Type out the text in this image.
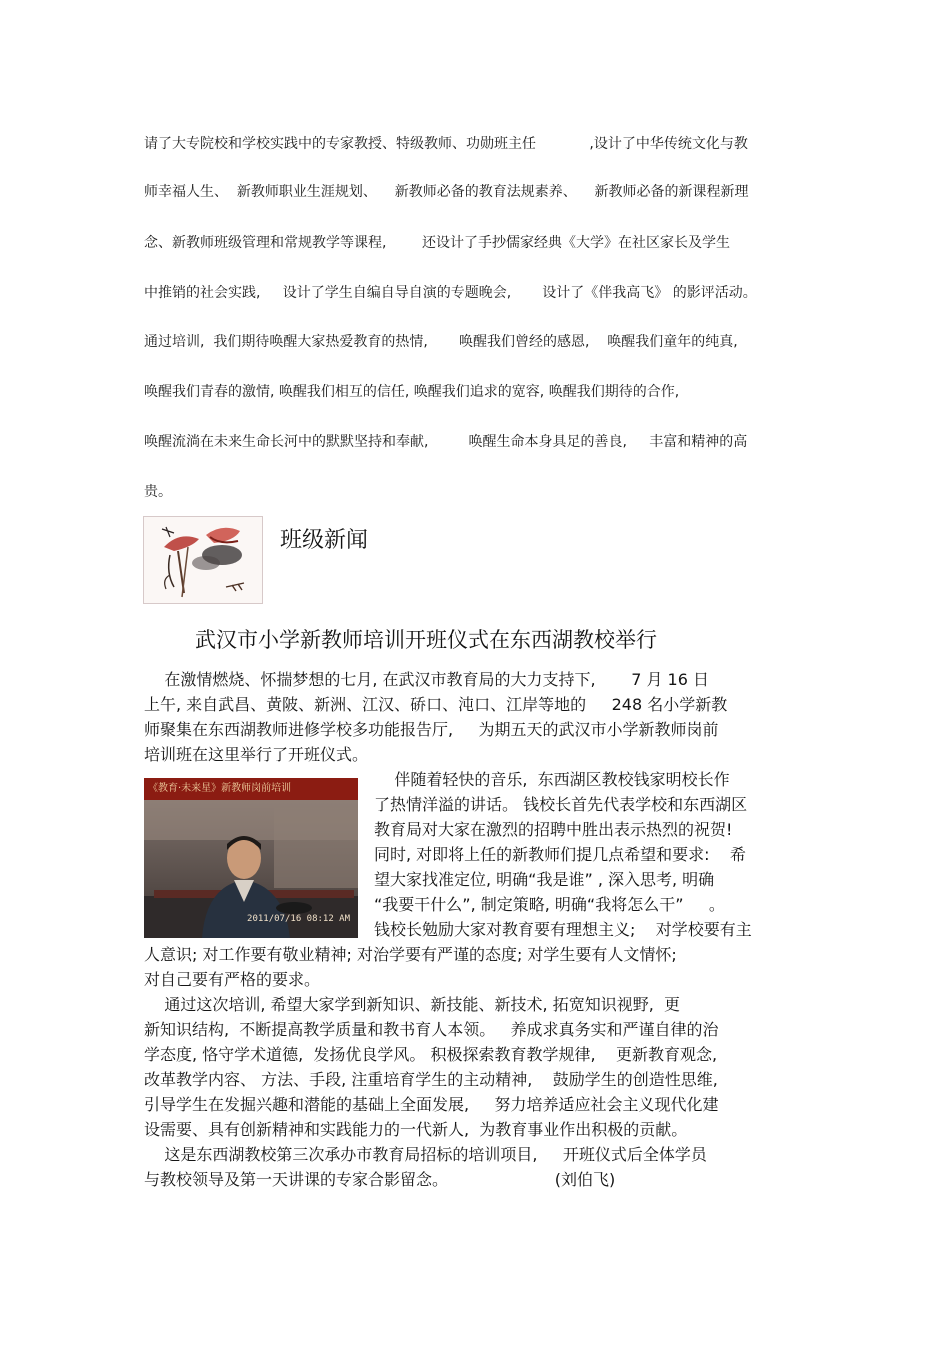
请了大专院校和学校实践中的专家教授、特级教师、功勋班主任            ,设计了中华传统文化与教
师幸福人生、  新教师职业生涯规划、    新教师必备的教育法规素养、    新教师必备的新课程新理
念、新教师班级管理和常规教学等课程,        还设计了手抄儒家经典《大学》在社区家长及学生
中推销的社会实践,     设计了学生自编自导自演的专题晚会,       设计了《伴我高飞》 的影评活动。
通过培训,  我们期待唤醒大家热爱教育的热情,       唤醒我们曾经的感恩,    唤醒我们童年的纯真,
唤醒我们青春的激情, 唤醒我们相互的信任, 唤醒我们追求的宽容, 唤醒我们期待的合作,
唤醒流淌在未来生命长河中的默默坚持和奉献,         唤醒生命本身具足的善良,     丰富和精神的高
贵。
班级新闻
武汉市小学新教师培训开班仪式在东西湖教校举行
在激情燃烧、怀揣梦想的七月, 在武汉市教育局的大力支持下,       7 月 16 日
上午, 来自武昌、黄陂、新洲、江汉、硚口、沌口、江岸等地的     248 名小学新教
师聚集在东西湖教师进修学校多功能报告厅,     为期五天的武汉市小学新教师岗前
培训班在这里举行了开班仪式。
《教育·未来星》新教师岗前培训
2011/07/16 08:12 AM
伴随着轻快的音乐,  东西湖区教校钱家明校长作
了热情洋溢的讲话。 钱校长首先代表学校和东西湖区
教育局对大家在激烈的招聘中胜出表示热烈的祝贺!
同时, 对即将上任的新教师们提几点希望和要求:    希
望大家找准定位, 明确“我是谁” , 深入思考, 明确
“我要干什么”, 制定策略, 明确“我将怎么干”     。
钱校长勉励大家对教育要有理想主义;    对学校要有主
人意识; 对工作要有敬业精神; 对治学要有严谨的态度; 对学生要有人文情怀;
对自己要有严格的要求。
通过这次培训, 希望大家学到新知识、新技能、新技术, 拓宽知识视野,  更
新知识结构,  不断提高教学质量和教书育人本领。   养成求真务实和严谨自律的治
学态度, 恪守学术道德,  发扬优良学风。 积极探索教育教学规律,    更新教育观念,
改革教学内容、 方法、手段, 注重培育学生的主动精神,    鼓励学生的创造性思维,
引导学生在发掘兴趣和潜能的基础上全面发展,     努力培养适应社会主义现代化建
设需要、具有创新精神和实践能力的一代新人,  为教育事业作出积极的贡献。
这是东西湖教校第三次承办市教育局招标的培训项目,     开班仪式后全体学员
与教校领导及第一天讲课的专家合影留念。                     (刘伯飞)
